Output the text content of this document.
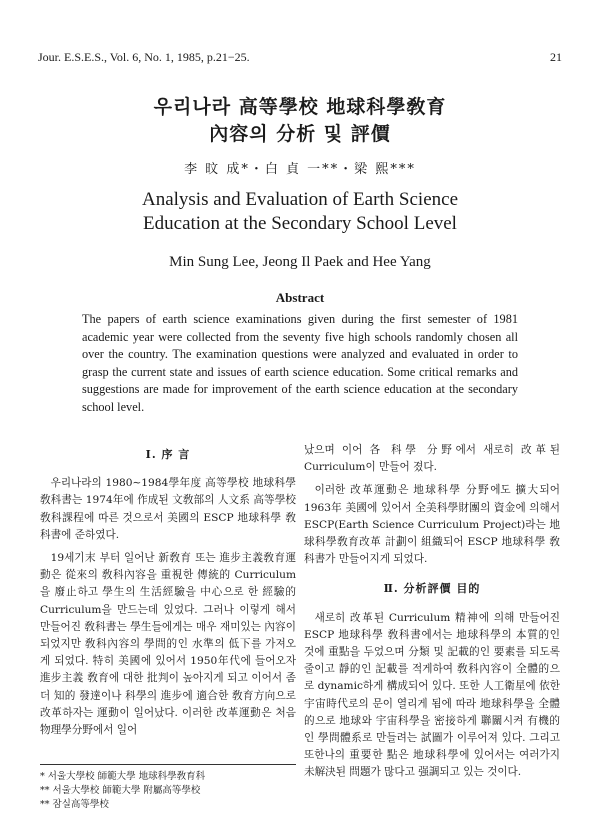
Jour. E.S.E.S., Vol. 6, No. 1, 1985, p.21−25.	21
우리나라 高等學校 地球科學敎育
內容의 分析 및 評價
李 旼 成*・白 貞 一**・梁 熙***
Analysis and Evaluation of Earth Science
Education at the Secondary School Level
Min Sung Lee, Jeong Il Paek and Hee Yang
Abstract
The papers of earth science examinations given during the first semester of 1981 academic year were collected from the seventy five high schools randomly chosen all over the country. The examination questions were analyzed and evaluated in order to grasp the current state and issues of earth science education. Some critical remarks and suggestions are made for improvement of the earth science education at the secondary school level.
I. 序 言

우리나라의 1980∼1984學年度 高等學校 地球科學 敎科書는 1974年에 作成된 文敎部의 人文系 高等學校 敎科課程에 따른 것으로서 美國의 ESCP 地球科學 敎科書에 준하였다.

19세기末 부터 일어난 新敎育 또는 進步主義敎育運動은 從來의 敎科內容을 重視한 傳統的 Curriculum을 廢止하고 學生의 生活經驗을 中心으로 한 經驗的 Curriculum을 만드는데 있었다. 그러나 이렇게 해서 만들어진 敎科書는 學生들에게는 매우 재미있는 內容이 되었지만 敎科內容의 學問的인 水準의 低下를 가져오게 되었다. 特히 美國에 있어서 1950年代에 들어오자 進步主義 敎育에 대한 批判이 높아지게 되고 이어서 좀더 知的 發達이나 科學의 進步에 適合한 敎育方向으로 改革하자는 運動이 일어났다. 이러한 改革運動은 처음 物理學分野에서 일어

났으며 이어 各 科學 分野에서 새로히 改革된 Curriculum이 만들어 졌다.

이러한 改革運動은 地球科學 分野에도 擴大되어 1963年 美國에 있어서 全美科學財團의 資金에 의해서 ESCP(Earth Science Curriculum Project)라는 地球科學敎育改革 計劃이 組織되어 ESCP 地球科學 敎科書가 만들어지게 되었다.

Ⅱ. 分析評價 目的

새로히 改革된 Curriculum 精神에 의해 만들어진 ESCP 地球科學 敎科書에서는 地球科學의 本質的인 것에 重點을 두었으며 分類 및 記載的인 要素를 되도록 줄이고 靜的인 記載를 적게하여 敎科內容이 全體的으로 dynamic하게 構成되어 있다. 또한 人工衛星에 依한 宇宙時代로의 문이 열리게 됨에 따라 地球科學을 全體的으로 地球와 宇宙科學을 密接하게 聯關시켜 有機的인 學問體系로 만들려는 試圖가 이루어져 있다. 그리고 또한나의 重要한 點은 地球科學에 있어서는 여러가지 未解決된 問題가 많다고 强調되고 있는 것이다.

* 서울大學校 師範大學 地球科學敎育科
** 서울大學校 師範大學 附屬高等學校
** 잠실高等學校
